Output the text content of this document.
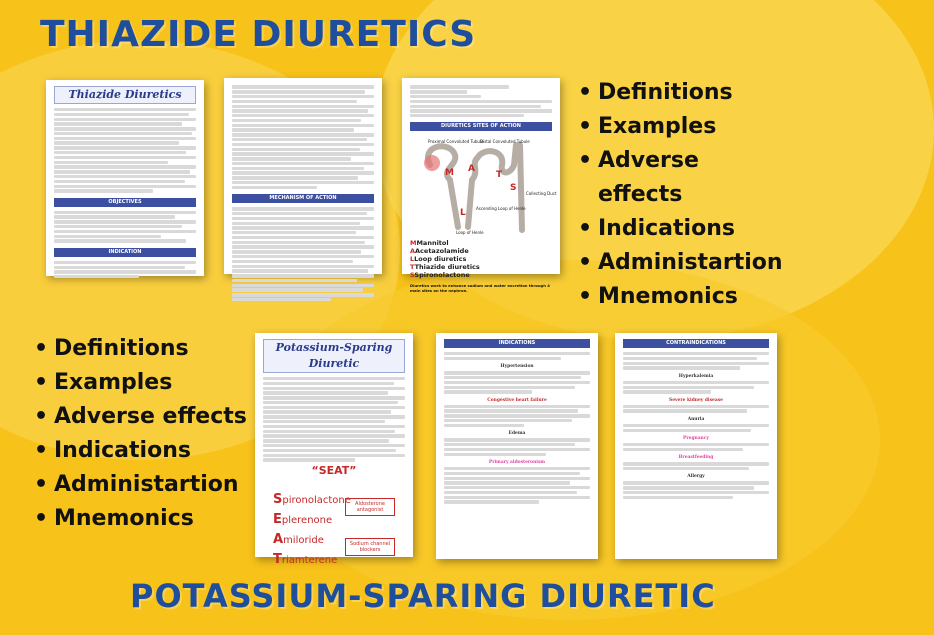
THIAZIDE DIURETICS
Thiazide Diuretics
OBJECTIVES
INDICATION
MECHANISM OF ACTION
DIURETICS SITES OF ACTION
M A
L
T
S
Proximal Convoluted Tubule
Distal Convoluted Tubule
Collecting Duct
Ascending Loop of Henle
Loop of Henle
MMannitol
AAcetazolamide
LLoop diuretics
TThiazide diuretics
SSpironolactone
Diuretics work to enhance sodium and water excretion through 4 main sites on the nephron.
• Definitions
• Examples
• Adverse effects
• Indications
• Administartion
• Mnemonics
• Definitions
• Examples
• Adverse effects
• Indications
• Administartion
• Mnemonics
Potassium-Sparing Diuretic
“SEAT”
Spironolactone
Eplerenone
Amiloride
Triamterene
Aldosterone antagonist
Sodium channel blockers
INDICATIONS
Hypertension
Congestive heart failure
Edema
Primary aldosteronism
CONTRAINDICATIONS
Hyperkalemia
Severe kidney disease
Anuria
Pregnancy
Breastfeeding
Allergy
POTASSIUM-SPARING DIURETIC
